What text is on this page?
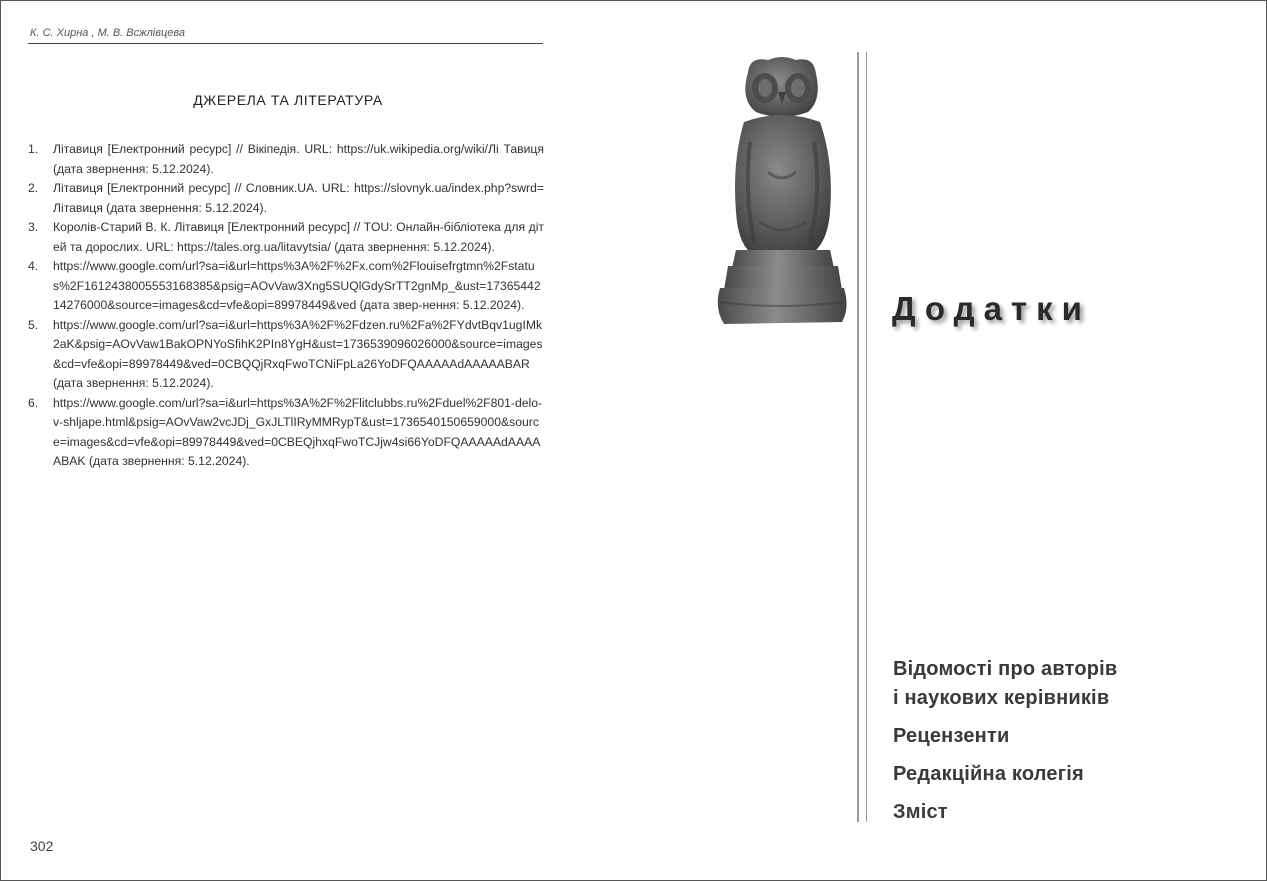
К. С. Хирна , М. В. Всжлівцева
ДЖЕРЕЛА ТА ЛІТЕРАТУРА
1. Літавиця [Електронний ресурс] // Вікіпедія. URL: https://uk.wikipedia.org/wiki/Лі Тавиця (дата звернення: 5.12.2024).
2. Літавиця [Електронний ресурс] // Словник.UA. URL: https://slovnyk.ua/index.php?swrd=Літавиця (дата звернення: 5.12.2024).
3. Королів-Старий В. К. Літавиця [Електронний ресурс] // TOU: Онлайн-бібліотека для дітей та дорослих. URL: https://tales.org.ua/litavytsia/ (дата звернення: 5.12.2024).
4. https://www.google.com/url?sa=i&url=https%3A%2F%2Fx.com%2Flouisefrgtmn%2Fstatus%2F1612438005553168385&psig=AOvVaw3Xng5SUQlGdySrTT2gnMp_&ust=1736544214276000&source=images&cd=vfe&opi=89978449&ved (дата звер-нення: 5.12.2024).
5. https://www.google.com/url?sa=i&url=https%3A%2F%2Fdzen.ru%2Fa%2FYdvtBqv1ugIMk2aK&psig=AOvVaw1BakOPNYoSfihK2PIn8YgH&ust=1736539096026000&source=images&cd=vfe&opi=89978449&ved=0CBQQjRxqFwoTCNiFpLa26YoDFQAAAAAdAAAAABAR (дата звернення: 5.12.2024).
6. https://www.google.com/url?sa=i&url=https%3A%2F%2Flitclubbs.ru%2Fduel%2F801-delo-v-shljape.html&psig=AOvVaw2vcJDj_GxJLTlIRyMMRypT&ust=1736540150659000&source=images&cd=vfe&opi=89978449&ved=0CBEQjhxqFwoTCJjw4si66YoDFQAAAAAdAAAAABAK (дата звернення: 5.12.2024).
302
Додатки
Відомості про авторів
і наукових керівників
Рецензенти
Редакційна колегія
Зміст
